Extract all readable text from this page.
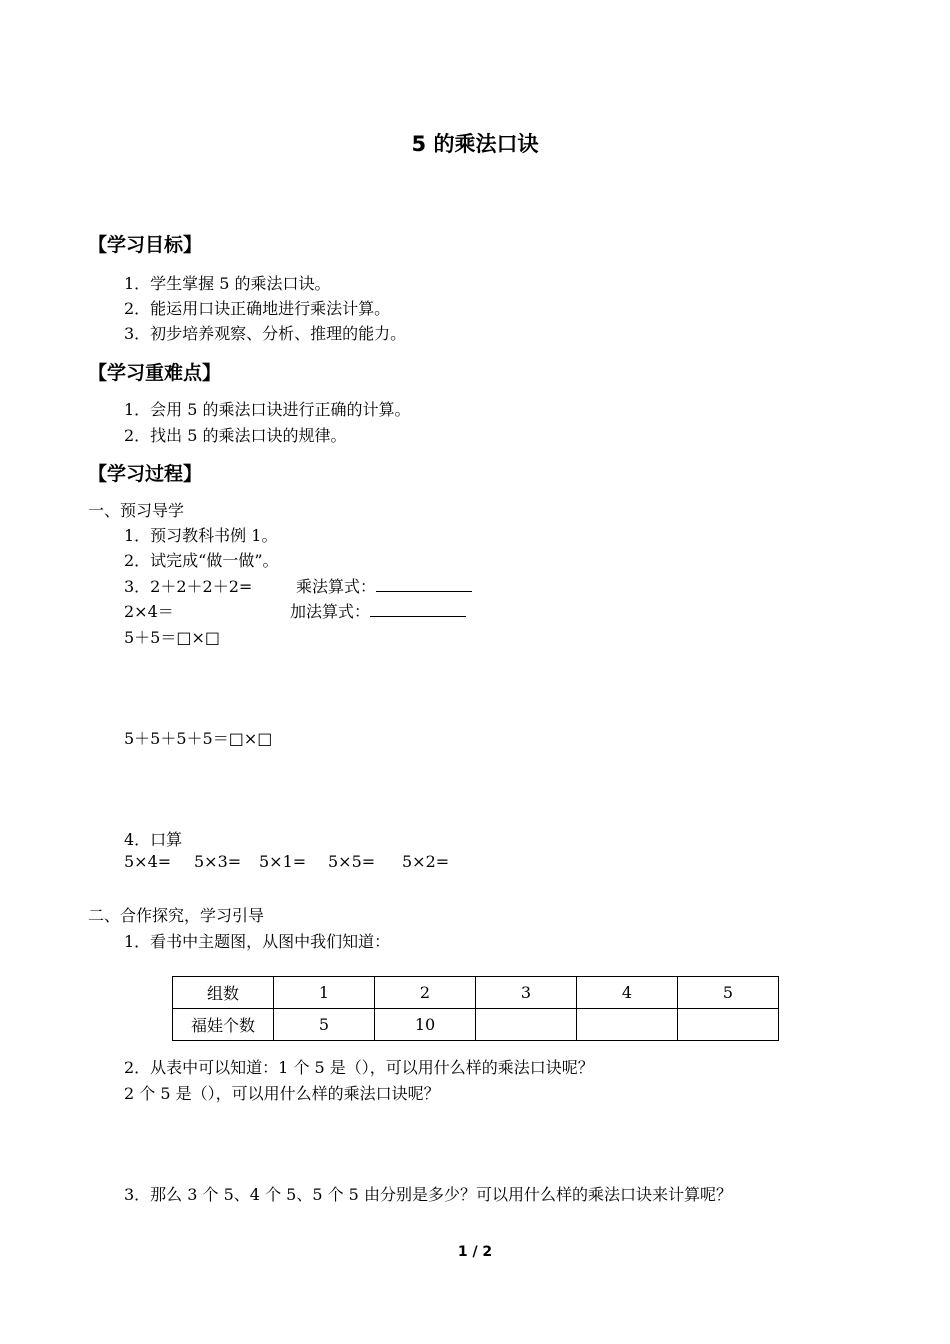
5 的乘法口诀
【学习目标】
1．学生掌握 5 的乘法口诀。
2．能运用口诀正确地进行乘法计算。
3．初步培养观察、分析、推理的能力。
【学习重难点】
1．会用 5 的乘法口诀进行正确的计算。
2．找出 5 的乘法口诀的规律。
【学习过程】
一、预习导学
1．预习教科书例 1。
2．试完成“做一做”。
3．2＋2＋2＋2=	乘法算式：
2×4＝	加法算式：
5＋5＝□×□
5＋5＋5＋5＝□×□
4．口算
5×4= 5×3= 5×1= 5×5= 5×2=
二、合作探究，学习引导
1．看书中主题图，从图中我们知道：
组数	1	2	3	4	5
福娃个数	5	10			
2．从表中可以知道：1 个 5 是（），可以用什么样的乘法口诀呢？
2 个 5 是（），可以用什么样的乘法口诀呢？
3．那么 3 个 5、4 个 5、5 个 5 由分别是多少？可以用什么样的乘法口诀来计算呢？
1 / 2
